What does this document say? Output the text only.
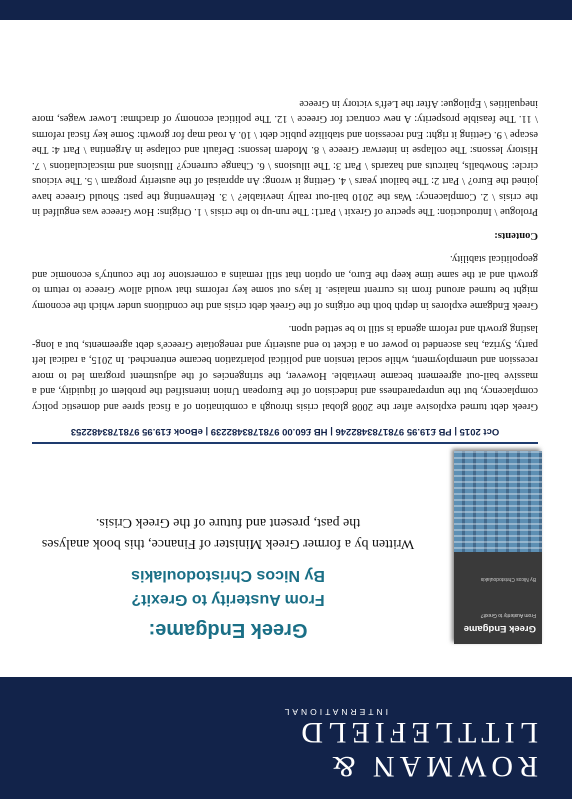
ROWMAN &
LITTLEFIELD
INTERNATIONAL
Greek Endgame
From Austerity to Grexit?
By Nicos Christodoulakis
Greek Endgame:
From Austerity to Grexit?
By Nicos Christodoulakis
Written by a former Greek Minister of Finance, this book analyses the past, present and future of the Greek Crisis.
Oct 2015 | PB £19.95 9781783482246 | HB £60.00 9781783482239 | eBook £19.95 9781783482253

Greek debt turned explosive after the 2008 global crisis through a combination of a fiscal spree and domestic policy complacency, but the unpreparedness and indecision of the European Union intensified the problem of liquidity, and a massive bail-out agreement became inevitable. However, the stringencies of the adjustment program led to more recession and unemployment, while social tension and political polarization became entrenched. In 2015, a radical left party, Syriza, has ascended to power on a ticket to end austerity and renegotiate Greece's debt agreements, but a long-lasting growth and reform agenda is still to be settled upon.

Greek Endgame explores in depth both the origins of the Greek debt crisis and the conditions under which the economy might be turned around from its current malaise. It lays out some key reforms that would allow Greece to return to growth and at the same time keep the Euro, an option that still remains a cornerstone for the country's economic and geopolitical stability.

Contents:

Prologue \ Introduction: The spectre of Grexit \ Part1: The run-up to the crisis \ 1. Origins: How Greece was engulfed in the crisis \ 2. Complacency: Was the 2010 bail-out really inevitable? \ 3. Reinventing the past: Should Greece have joined the Euro? \ Part 2: The bailout years \ 4. Getting it wrong: An appraisal of the austerity program \ 5. The vicious circle: Snowballs, haircuts and hazards \ Part 3: The illusions \ 6. Change currency? Illusions and miscalculations \ 7. History lessons: The collapse in interwar Greece \ 8. Modern lessons: Default and collapse in Argentina \ Part 4: The escape \ 9. Getting it right: End recession and stabilize public debt \ 10. A road map for growth: Some key fiscal reforms \ 11. The feasible prosperity: A new contract for Greece \ 12. The political economy of drachma: Lower wages, more inequalities \ Epilogue: After the Left's victory in Greece
